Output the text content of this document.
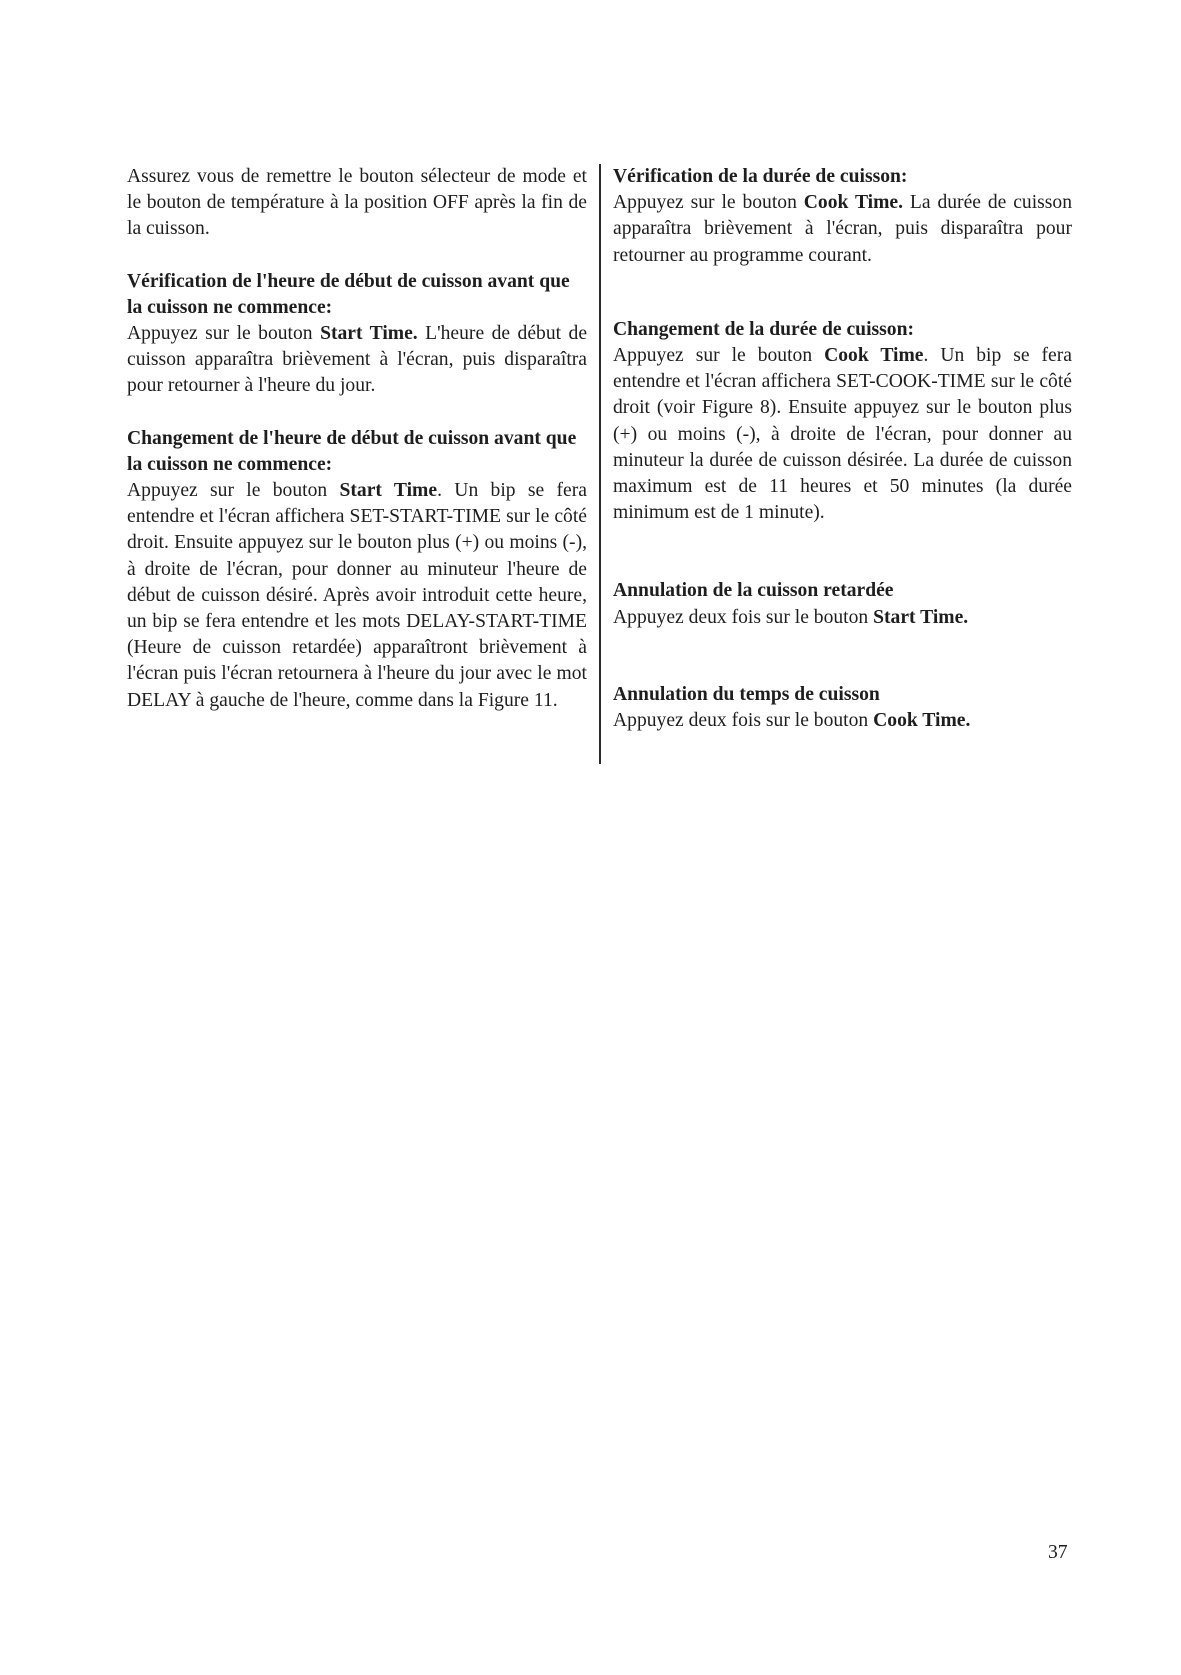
Assurez vous de remettre le bouton sélecteur de mode et le bouton de température à la position OFF après la fin de la cuisson.

Vérification de l'heure de début de cuisson avant que la cuisson ne commence:

Appuyez sur le bouton Start Time. L'heure de début de cuisson apparaîtra brièvement à l'écran, puis disparaîtra pour retourner à l'heure du jour.

Changement de l'heure de début de cuisson avant que la cuisson ne commence:

Appuyez sur le bouton Start Time. Un bip se fera entendre et l'écran affichera SET-START-TIME sur le côté droit. Ensuite appuyez sur le bouton plus (+) ou moins (-), à droite de l'écran, pour donner au minuteur l'heure de début de cuisson désiré. Après avoir introduit cette heure, un bip se fera entendre et les mots DELAY-START-TIME (Heure de cuisson retardée) apparaîtront brièvement à l'écran puis l'écran retournera à l'heure du jour avec le mot DELAY à gauche de l'heure, comme dans la Figure 11.

Vérification de la durée de cuisson:

Appuyez sur le bouton Cook Time. La durée de cuisson apparaîtra brièvement à l'écran, puis disparaîtra pour retourner au programme courant.

Changement de la durée de cuisson:

Appuyez sur le bouton Cook Time. Un bip se fera entendre et l'écran affichera SET-COOK-TIME sur le côté droit (voir Figure 8). Ensuite appuyez sur le bouton plus (+) ou moins (-), à droite de l'écran, pour donner au minuteur la durée de cuisson désirée. La durée de cuisson maximum est de 11 heures et 50 minutes (la durée minimum est de 1 minute).

Annulation de la cuisson retardée

Appuyez deux fois sur le bouton Start Time.

Annulation du temps de cuisson

Appuyez deux fois sur le bouton Cook Time.

37
